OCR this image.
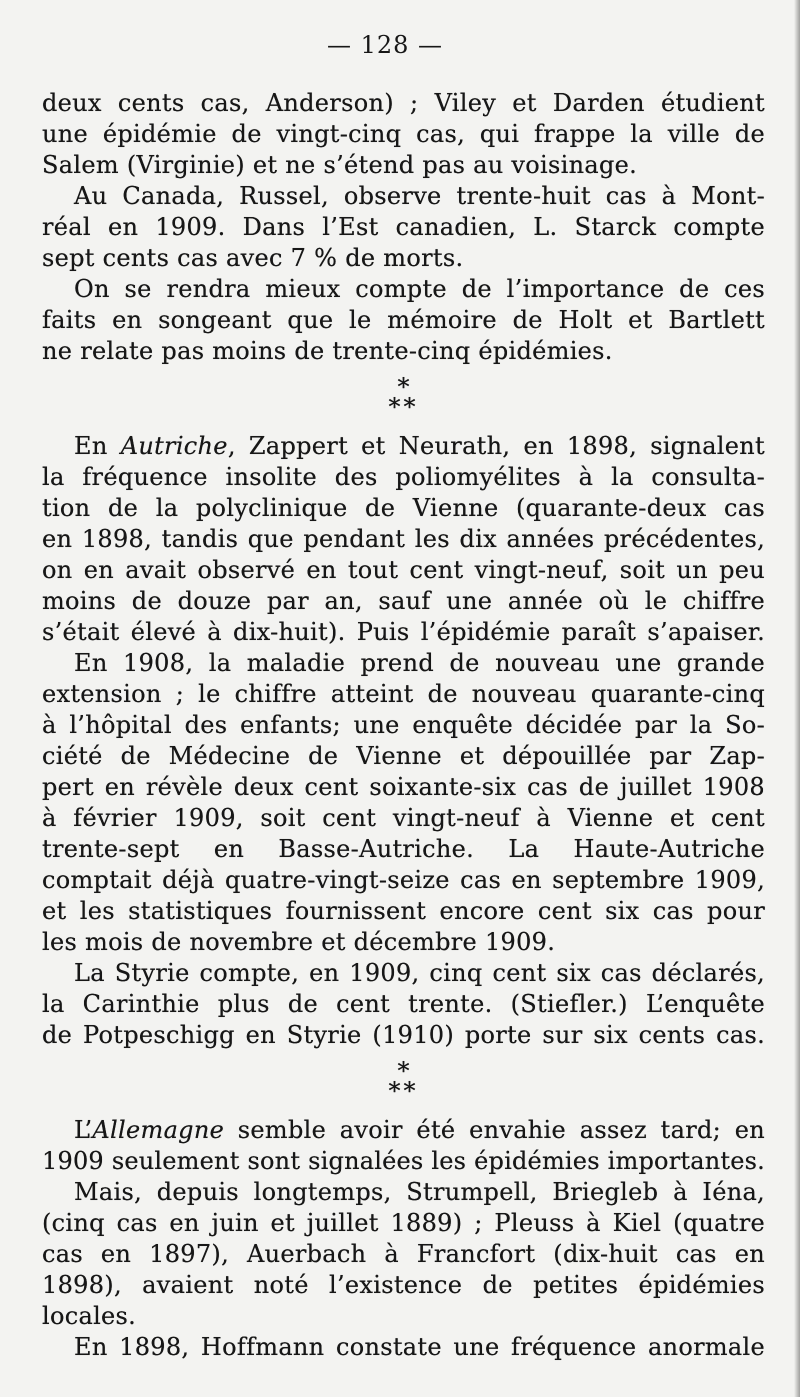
— 128 —
deux cents cas, Anderson) ; Viley et Darden étudient
une épidémie de vingt-cinq cas, qui frappe la ville de
Salem (Virginie) et ne s’étend pas au voisinage.
Au Canada, Russel, observe trente-huit cas à Mont-
réal en 1909. Dans l’Est canadien, L. Starck compte
sept cents cas avec 7 % de morts.
On se rendra mieux compte de l’importance de ces
faits en songeant que le mémoire de Holt et Bartlett
ne relate pas moins de trente-cinq épidémies.
*
**
En Autriche, Zappert et Neurath, en 1898, signalent
la fréquence insolite des poliomyélites à la consulta-
tion de la polyclinique de Vienne (quarante-deux cas
en 1898, tandis que pendant les dix années précédentes,
on en avait observé en tout cent vingt-neuf, soit un peu
moins de douze par an, sauf une année où le chiffre
s’était élevé à dix-huit). Puis l’épidémie paraît s’apaiser.
En 1908, la maladie prend de nouveau une grande
extension ; le chiffre atteint de nouveau quarante-cinq
à l’hôpital des enfants; une enquête décidée par la So-
ciété de Médecine de Vienne et dépouillée par Zap-
pert en révèle deux cent soixante-six cas de juillet 1908
à février 1909, soit cent vingt-neuf à Vienne et cent
trente-sept en Basse-Autriche. La Haute-Autriche
comptait déjà quatre-vingt-seize cas en septembre 1909,
et les statistiques fournissent encore cent six cas pour
les mois de novembre et décembre 1909.
La Styrie compte, en 1909, cinq cent six cas déclarés,
la Carinthie plus de cent trente. (Stiefler.) L’enquête
de Potpeschigg en Styrie (1910) porte sur six cents cas.
*
**
L’Allemagne semble avoir été envahie assez tard; en
1909 seulement sont signalées les épidémies importantes.
Mais, depuis longtemps, Strumpell, Briegleb à Iéna,
(cinq cas en juin et juillet 1889) ; Pleuss à Kiel (quatre
cas en 1897), Auerbach à Francfort (dix-huit cas en
1898), avaient noté l’existence de petites épidémies
locales.
En 1898, Hoffmann constate une fréquence anormale
